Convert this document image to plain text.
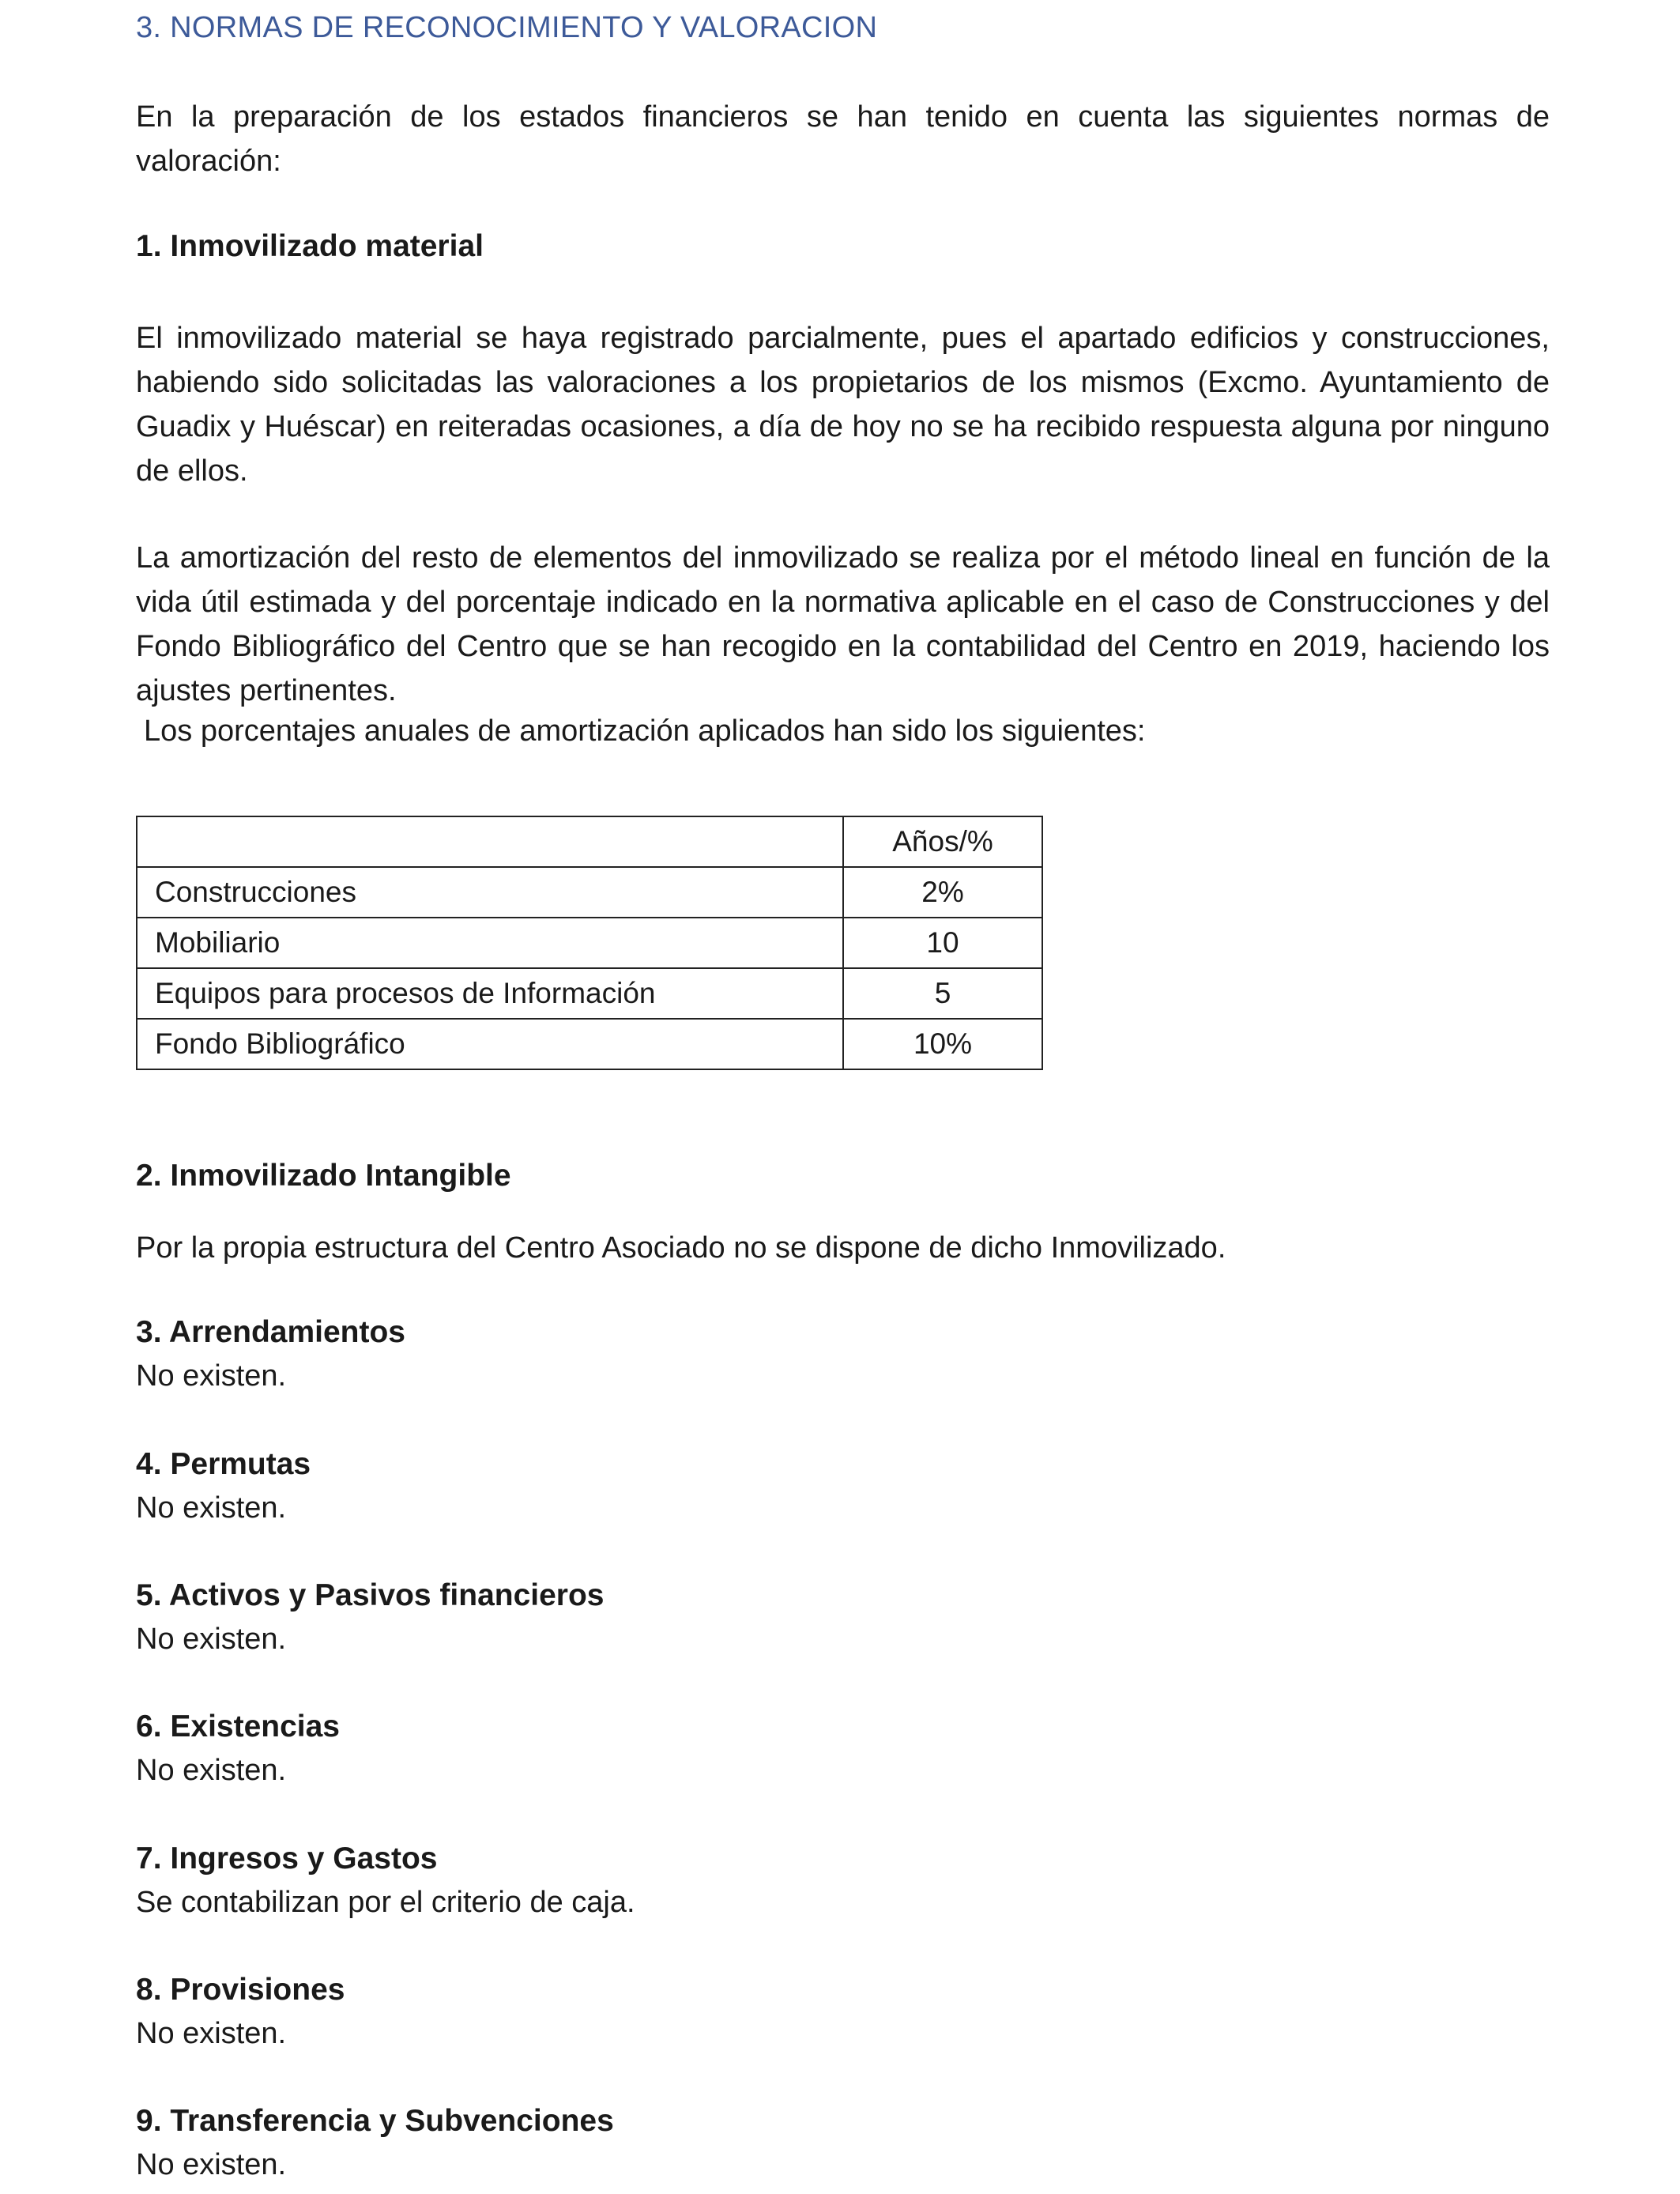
3. NORMAS DE RECONOCIMIENTO Y VALORACION
En la preparación de los estados financieros se han tenido en cuenta las siguientes normas de valoración:
1. Inmovilizado material
El inmovilizado material se haya registrado parcialmente, pues el apartado edificios y construcciones, habiendo sido solicitadas las valoraciones a los propietarios de los mismos (Excmo. Ayuntamiento de Guadix y Huéscar) en reiteradas ocasiones, a día de hoy no se ha recibido respuesta alguna por ninguno de ellos.
La amortización del resto de elementos del inmovilizado se realiza por el método lineal en función de la vida útil estimada y del porcentaje indicado en la normativa aplicable en el caso de Construcciones y del Fondo Bibliográfico del Centro que se han recogido en la contabilidad del Centro en 2019, haciendo los ajustes pertinentes.
Los porcentajes anuales de amortización aplicados han sido los siguientes:
	Años/%
Construcciones	2%
Mobiliario	10
Equipos para procesos de Información	5
Fondo Bibliográfico	10%
2. Inmovilizado Intangible
Por la propia estructura del Centro Asociado no se dispone de dicho Inmovilizado.
3. Arrendamientos
No existen.
4. Permutas
No existen.
5. Activos y Pasivos financieros
No existen.
6. Existencias
No existen.
7. Ingresos y Gastos
Se contabilizan por el criterio de caja.
8. Provisiones
No existen.
9. Transferencia y Subvenciones
No existen.
